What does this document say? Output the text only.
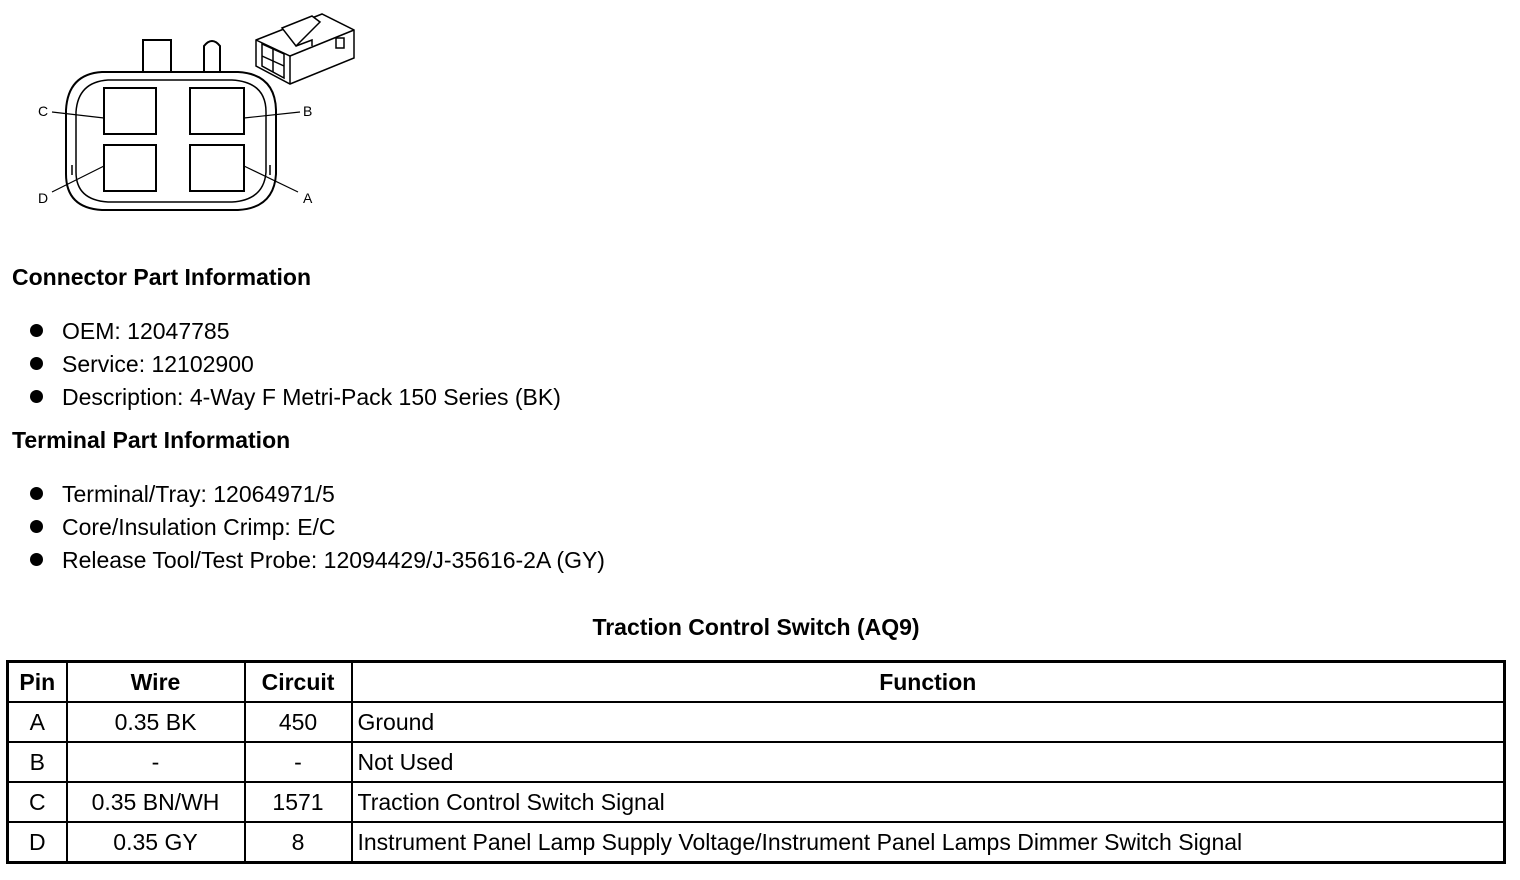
C	B
D	A
Connector Part Information
OEM: 12047785
Service: 12102900
Description: 4-Way F Metri-Pack 150 Series (BK)
Terminal Part Information
Terminal/Tray: 12064971/5
Core/Insulation Crimp: E/C
Release Tool/Test Probe: 12094429/J-35616-2A (GY)
Traction Control Switch (AQ9)
Pin	Wire	Circuit	Function
A	0.35 BK	450	Ground
B	-	-	Not Used
C	0.35 BN/WH	1571	Traction Control Switch Signal
D	0.35 GY	8	Instrument Panel Lamp Supply Voltage/Instrument Panel Lamps Dimmer Switch Signal
